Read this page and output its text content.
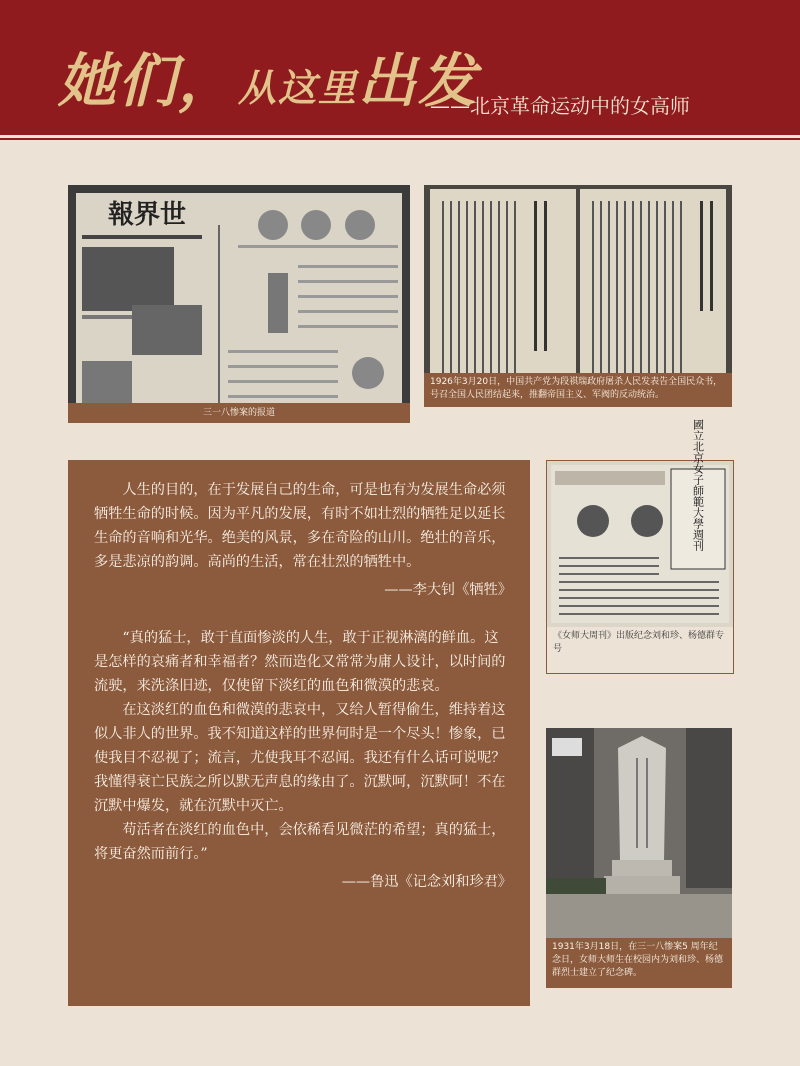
她们，从这里出发
——北京革命运动中的女高师
報界世
三一八惨案的报道
1926年3月20日，中国共产党为段祺瑞政府屠杀人民发表告全国民众书，号召全国人民团结起来，推翻帝国主义、军阀的反动统治。

人生的目的，在于发展自己的生命，可是也有为发展生命必须牺牲生命的时候。因为平凡的发展，有时不如壮烈的牺牲足以延长生命的音响和光华。绝美的风景，多在奇险的山川。绝壮的音乐，多是悲凉的韵调。高尚的生活，常在壮烈的牺牲中。

——李大钊《牺牲》

“真的猛士，敢于直面惨淡的人生，敢于正视淋漓的鲜血。这是怎样的哀痛者和幸福者？然而造化又常常为庸人设计，以时间的流驶，来洗涤旧迹，仅使留下淡红的血色和微漠的悲哀。

在这淡红的血色和微漠的悲哀中，又给人暂得偷生，维持着这似人非人的世界。我不知道这样的世界何时是一个尽头！惨象，已使我目不忍视了；流言，尤使我耳不忍闻。我还有什么话可说呢？我懂得衰亡民族之所以默无声息的缘由了。沉默呵，沉默呵！不在沉默中爆发，就在沉默中灭亡。

苟活者在淡红的血色中，会依稀看见微茫的希望；真的猛士，将更奋然而前行。”

——鲁迅《记念刘和珍君》
國立北京女子師範大學週刊
《女师大周刊》出版纪念刘和珍、杨德群专号
1931年3月18日，在三一八惨案5 周年纪念日，女师大师生在校园内为刘和珍、杨德群烈士建立了纪念碑。
